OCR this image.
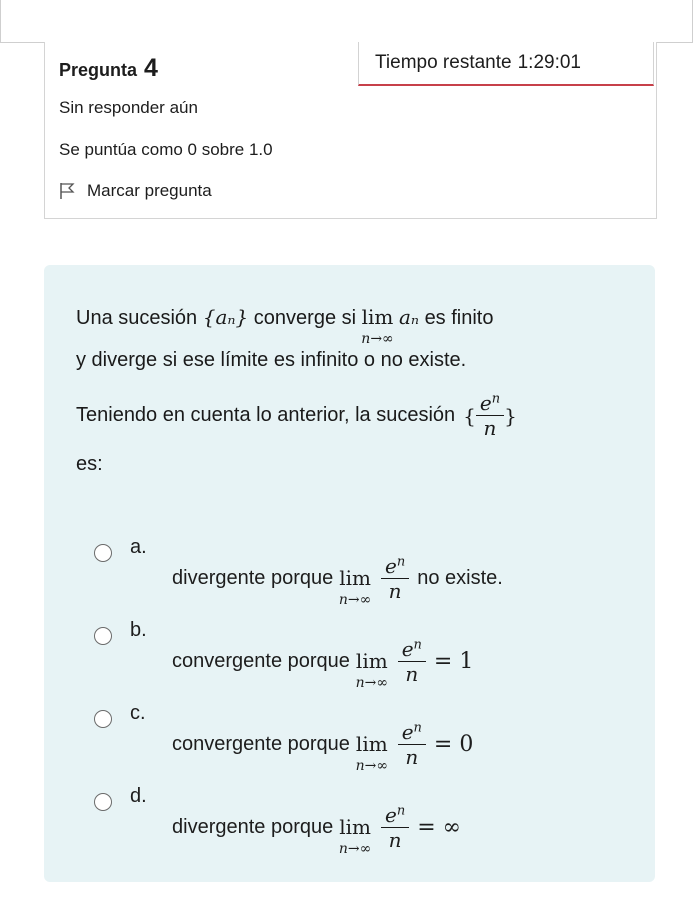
Pregunta 4
Sin responder aún
Se puntúa como 0 sobre 1.0
Marcar pregunta
Tiempo restante 1:29:01
Una sucesión {aₙ} converge si lim
n→∞
aₙ es finito
y diverge si ese límite es infinito o no existe.
Teniendo en cuenta lo anterior, la sucesión { $\frac{e^n}{n}$ }
es:
a.
divergente porque lim
$n\to\infty \frac{e^n}{n}$ no existe.
b.
convergente porque lim
$n\to\infty \frac{e^n}{n} = 1$
c.
convergente porque lim
$n\to\infty \frac{e^n}{n} = 0$
d.
divergente porque lim
$n\to\infty \frac{e^n}{n}$ = ∞
